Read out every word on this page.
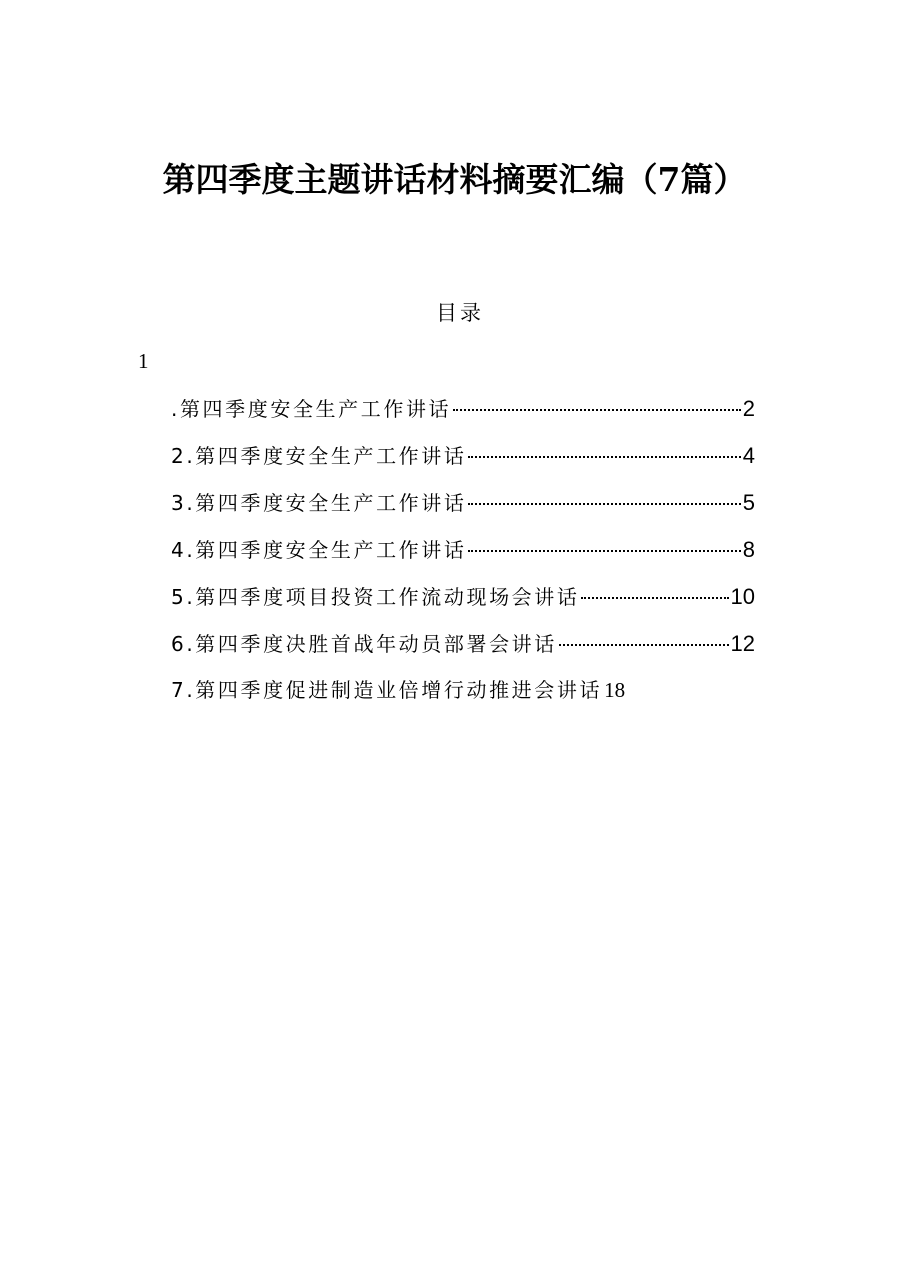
第四季度主题讲话材料摘要汇编（7篇）
目录
1
.第四季度安全生产工作讲话	2
2.第四季度安全生产工作讲话	4
3.第四季度安全生产工作讲话	5
4.第四季度安全生产工作讲话	8
5.第四季度项目投资工作流动现场会讲话	10
6.第四季度决胜首战年动员部署会讲话	12
7.第四季度促进制造业倍增行动推进会讲话 18
